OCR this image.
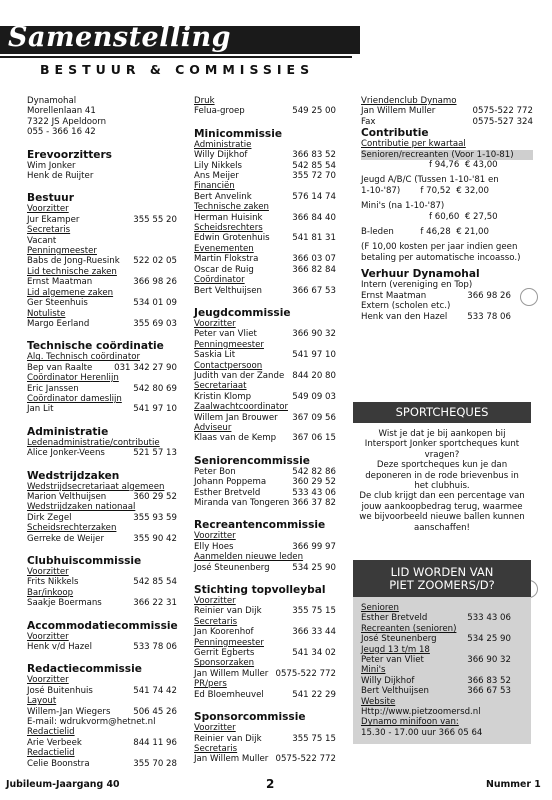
Samenstelling
BESTUUR & COMMISSIES
Dynamohal
Morellenlaan 41
7322 JS Apeldoorn
055 - 366 16 42
Erevoorzitters
Wim Jonker
Henk de Ruijter
Bestuur
Voorzitter
Jur Ekamper	355 55 20
Secretaris
Vacant
Penningmeester
Babs de Jong-Ruesink 522 02 05
Lid technische zaken
Ernst Maatman	366 98 26
Lid algemene zaken
Ger Steenhuis	534 01 09
Notuliste
Margo Eerland	355 69 03
Technische coördinatie
Alg. Technisch coördinator
Bep van Raalte	031 342 27 90
Coördinator Herenlijn
Eric Janssen	542 80 69
Coördinator dameslijn
Jan Lit	541 97 10
Administratie
Ledenadministratie/contributie
Alice Jonker-Veens	521 57 13
Wedstrijdzaken
Wedstrijdsecretariaat algemeen
Marion Velthuijsen	360 29 52
Wedstrijdzaken nationaal
Dirk Zegel	355 93 59
Scheidsrechterzaken
Gerreke de Weijer	355 90 42
Clubhuiscommissie
Voorzitter
Frits Nikkels	542 85 54
Bar/inkoop
Saakje Boermans	366 22 31
Accommodatiecommissie
Voorzitter
Henk v/d Hazel	533 78 06
Redactiecommissie
Voorzitter
José Buitenhuis	541 74 42
Layout
Willem-Jan Wiegers	506 45 26
E-mail: wdrukvorm@hetnet.nl
Redactielid
Arie Verbeek	844 11 96
Redactielid
Celie Boonstra	355 70 28
Druk
Felua-groep	549 25 00
Minicommissie
Administratie
Willy Dijkhof	366 83 52
Lily Nikkels	542 85 54
Ans Meijer	355 72 70
Financiën
Bert Anvelink	576 14 74
Technische zaken
Herman Huisink	366 84 40
Scheidsrechters
Edwin Grotenhuis	541 81 31
Evenementen
Martin Flokstra	366 03 07
Oscar de Ruig	366 82 84
Coördinator
Bert Velthuijsen	366 67 53
Jeugdcommissie
Voorzitter
Peter van Vliet	366 90 32
Penningmeester
Saskia Lit	541 97 10
Contactpersoon
Judith van der Zande 844 20 80
Secretariaat
Kristin Klomp	549 09 03
Zaalwachtcoordinator
Willem Jan Brouwer 367 09 56
Adviseur
Klaas van de Kemp 367 06 15
Seniorencommissie
Peter Bon	542 82 86
Johann Poppema	360 29 52
Esther Bretveld	533 43 06
Miranda van Tongeren 366 37 82
Recreantencommissie
Voorzitter
Elly Hoes	366 99 97
Aanmelden nieuwe leden
José Steunenberg	534 25 90
Stichting topvolleybal
Voorzitter
Reinier van Dijk	355 75 15
Secretaris
Jan Koorenhof	366 33 44
Penningmeester
Gerrit Egberts	541 34 02
Sponsorzaken
Jan Willem Muller 0575-522 772
PR/pers
Ed Bloemheuvel	541 22 29
Sponsorcommissie
Voorzitter
Reinier van Dijk	355 75 15
Secretaris
Jan Willem Muller 0575-522 772
Vriendenclub Dynamo
Jan Willem Muller	0575-522 772
Fax	0575-527 324
Contributie
Contributie per kwartaal
Senioren/recreanten (Voor 1-10-81)
f 94,76 € 43,00
Jeugd A/B/C (Tussen 1-10-'81 en
1-10-'87) f 70,52 € 32,00
Mini's (na 1-10-'87)
f 60,60 € 27,50
B-leden	f 46,28 € 21,00
(F 10,00 kosten per jaar indien geen betaling per automatische incoasso.)
Verhuur Dynamohal
Intern (vereniging en Top)
Ernst Maatman	366 98 26
Extern (scholen etc.)
Henk van den Hazel 533 78 06
SPORTCHEQUES
Wist je dat je bij aankopen bij Intersport Jonker sportcheques kunt vragen?
Deze sportcheques kun je dan deponeren in de rode brievenbus in het clubhuis.
De club krijgt dan een percentage van jouw aankoopbedrag terug, waarmee we bijvoorbeeld nieuwe ballen kunnen aanschaffen!
LID WORDEN VAN
PIET ZOOMERS/D?
Senioren
Esther Bretveld	533 43 06
Recreanten (senioren)
José Steunenberg	534 25 90
Jeugd 13 t/m 18
Peter van Vliet	366 90 32
Mini's
Willy Dijkhof	366 83 52
Bert Velthuijsen	366 67 53
Website
Http://www.pietzoomersd.nl
Dynamo minifoon van:
15.30 - 17.00 uur 366 05 64
Jubileum-Jaargang 40	2	Nummer 1
